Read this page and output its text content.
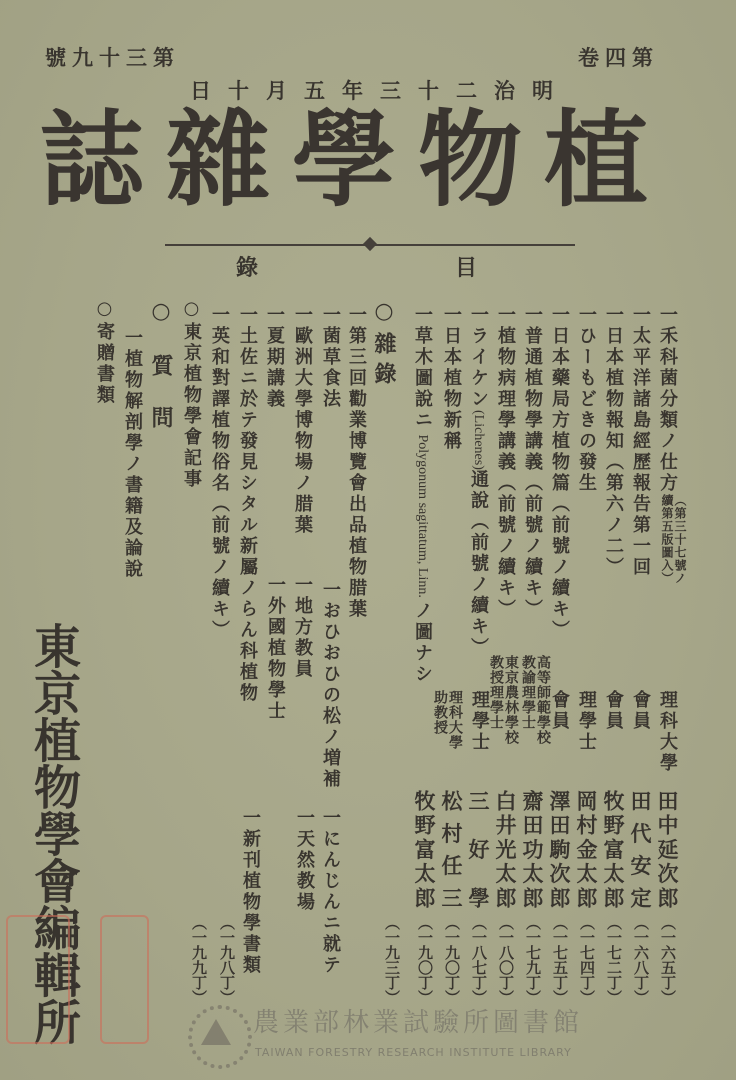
第四卷
第三十九號
明治二十三年五月十日
植物學雜誌
目
錄
一禾科菌分類ノ仕方（第三十七號ノ續第五版圖入）
理科大學
田中延次郎
（一六五丁）
一太平洋諸島經歷報告第一回
會員
田代安定
（一六八丁）
一日本植物報知（第六ノ二）
會員
牧野富太郎
（一七二丁）
一ひーもどきの發生
理學士
岡村金太郎
（一七四丁）
一日本藥局方植物篇（前號ノ續キ）
會員
澤田駒次郎
（一七五丁）
一普通植物學講義（前號ノ續キ）
高等師範學校教諭理學士
齋田功太郎
（一七九丁）
一植物病理學講義（前號ノ續キ）
東京農林學校教授理學士
白井光太郎
（一八〇丁）
一ライケン(Lichenes)通說（前號ノ續キ）
理學士
三好學
（一八七丁）
一日本植物新稱
理科大學助教授
松村任三
（一九〇丁）
一草木圖說ニ Polygonum sagittatum, Linn. ノ圖ナシ
牧野富太郎
（一九〇丁）
○雜錄
一第三回勸業博覽會出品植物腊葉
一菌草食法
一おひおひの松ノ増補
一にんじんニ就テ
一歐洲大學博物場ノ腊葉
一地方教員
一天然教場
一夏期講義
一外國植物學士
一土佐ニ於テ發見シタル新屬ノらん科植物
一新刊植物學書類
一英和對譯植物俗名（前號ノ續キ）
（一九三丁）
○東京植物學會記事
（一九八丁）
（一九九丁）
○質問
一植物解剖學ノ書籍及論說
○寄贈書類
東京植物學會編輯所	農業部林業試驗所圖書館
TAIWAN FORESTRY RESEARCH INSTITUTE LIBRARY
